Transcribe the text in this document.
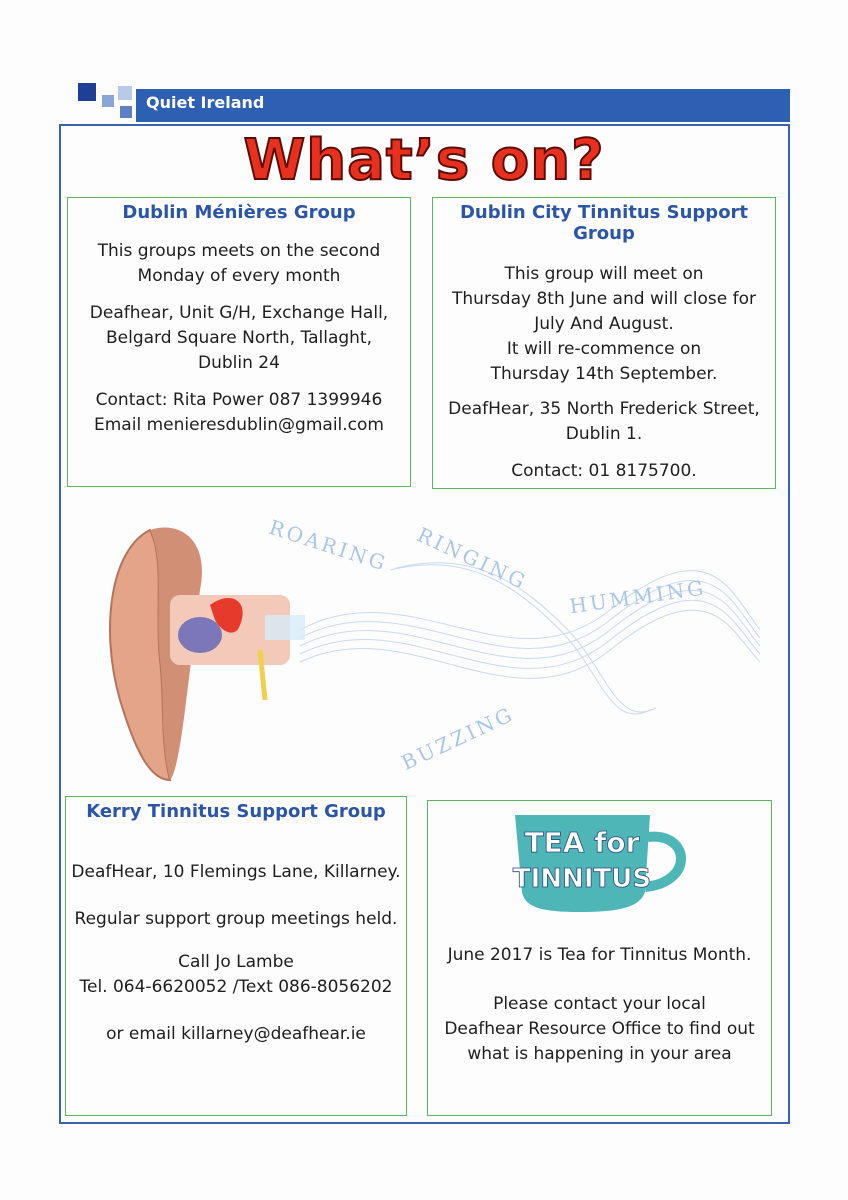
Quiet Ireland
What’s on?
Dublin Ménières Group

This groups meets on the second

Monday of every month

Deafhear, Unit G/H, Exchange Hall,

Belgard Square North, Tallaght,

Dublin 24

Contact: Rita Power 087 1399946

Email menieresdublin@gmail.com

Dublin City Tinnitus Support Group

This group will meet on

Thursday 8th June and will close for

July And August.

It will re-commence on

Thursday 14th September.

DeafHear, 35 North Frederick Street,

Dublin 1.

Contact: 01 8175700.

ROARING RINGING
HUMMING
BUZZING
Kerry Tinnitus Support Group

DeafHear, 10 Flemings Lane, Killarney.

Regular support group meetings held.

Call Jo Lambe

Tel. 064-6620052 /Text 086-8056202

or email killarney@deafhear.ie

TEA for
TINNITUS

June 2017 is Tea for Tinnitus Month.

Please contact your local

Deafhear Resource Office to find out

what is happening in your area
